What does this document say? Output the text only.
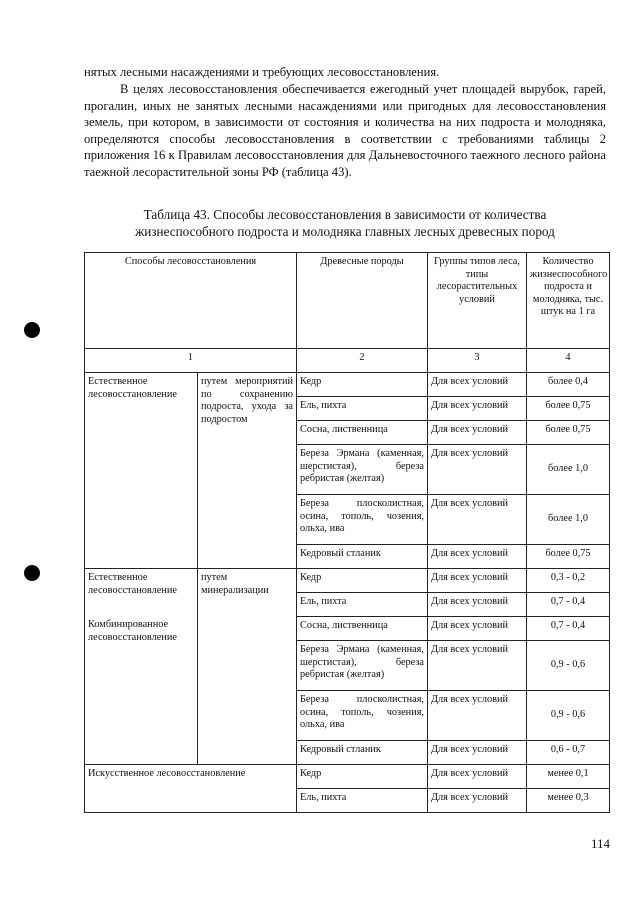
нятых лесными насаждениями и требующих лесовосстановления.

В целях лесовосстановления обеспечивается ежегодный учет площадей вырубок, гарей, прогалин, иных не занятых лесными насаждениями или пригодных для лесовосстановления земель, при котором, в зависимости от состояния и количества на них подроста и молодняка, определяются способы лесовосстановления в соответствии с требованиями таблицы 2 приложения 16 к Правилам лесовосстановления для Дальневосточного таежного лесного района таежной лесорастительной зоны РФ (таблица 43).

Таблица 43. Способы лесовосстановления в зависимости от количества жизнеспособного подроста и молодняка главных лесных древесных пород
Способы лесовосстановления		Древесные породы	Группы типов леса, типы лесорастительных условий	Количество жизнеспособного подроста и молодняка, тыс. штук на 1 га
1		2	3	4
Естественное лесовосстановление	путем мероприятий по сохранению подроста, ухода за подростом	Кедр	Для всех условий	более 0,4
		Ель, пихта	Для всех условий	более 0,75
		Сосна, лиственница	Для всех условий	более 0,75
		Береза Эрмана (каменная, шерстистая), береза ребристая (желтая)	Для всех условий	более 1,0
		Береза плосколистная, осина, тополь, чозения, ольха, ива	Для всех условий	более 1,0
		Кедровый стланик	Для всех условий	более 0,75

Естественное лесовосстановление
Комбинированное лесовосстановление	путем минерализации	Кедр	Для всех условий	0,3 - 0,2
		Ель, пихта	Для всех условий	0,7 - 0,4
		Сосна, лиственница	Для всех условий	0,7 - 0,4
		Береза Эрмана (каменная, шерстистая), береза ребристая (желтая)	Для всех условий	0,9 - 0,6
		Береза плосколистная, осина, тополь, чозения, ольха, ива	Для всех условий	0,9 - 0,6
		Кедровый стланик	Для всех условий	0,6 - 0,7
Искусственное лесовосстановление		Кедр	Для всех условий	менее 0,1
		Ель, пихта	Для всех условий	менее 0,3
114
